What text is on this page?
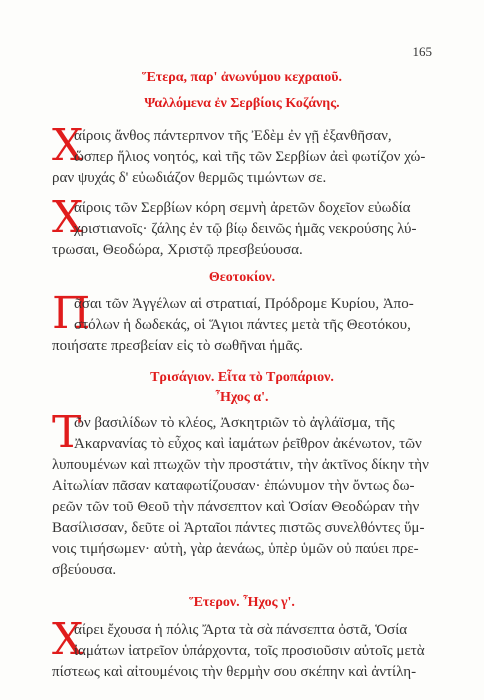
165
Ἕτερα, παρ' ἀνωνύμου κεχραιοῦ.
Ψαλλόμενα ἐν Σερβίοις Κοζάνης.
Χ
αίροις ἄνθος πάντερπνον τῆς Ἐδὲμ ἐν γῇ ἐξανθῆσαν,
ὥσπερ ἥλιος νοητός, καὶ τῆς τῶν Σερβίων ἀεὶ φωτίζον χώ-
ραν ψυχάς δ' εὐωδιάζον θερμῶς τιμώντων σε.
Χ
αίροις τῶν Σερβίων κόρη σεμνὴ ἀρετῶν δοχεῖον εὐωδία
χριστιανοῖς· ζάλης ἐν τῷ βίῳ δεινῶς ἡμᾶς νεκρούσης λύ-
τρωσαι, Θεοδώρα, Χριστῷ πρεσβεύουσα.
Θεοτοκίον.
Π
ᾶσαι τῶν Ἀγγέλων αἱ στρατιαί, Πρόδρομε Κυρίου, Ἀπο-
στόλων ἡ δωδεκάς, οἱ Ἅγιοι πάντες μετὰ τῆς Θεοτόκου,
ποιήσατε πρεσβείαν εἰς τὸ σωθῆναι ἡμᾶς.
Τρισάγιον. Εἶτα τὸ Τροπάριον.
Ἦχος α'.
Τ
ῶν βασιλίδων τὸ κλέος, Ἀσκητριῶν τὸ ἀγλάϊσμα, τῆς
Ἀκαρνανίας τὸ εὖχος καὶ ἰαμάτων ῥεῖθρον ἀκένωτον, τῶν
λυπουμένων καὶ πτωχῶν τὴν προστάτιν, τὴν ἀκτῖνος δίκην τὴν
Αἰτωλίαν πᾶσαν καταφωτίζουσαν· ἐπώνυμον τὴν ὄντως δω-
ρεῶν τῶν τοῦ Θεοῦ τὴν πάνσεπτον καὶ Ὁσίαν Θεοδώραν τὴν
Βασίλισσαν, δεῦτε οἱ Ἀρταῖοι πάντες πιστῶς συνελθόντες ὕμ-
νοις τιμήσωμεν· αὐτὴ, γὰρ ἀενάως, ὑπὲρ ὑμῶν οὐ παύει πρε-
σβεύουσα.
Ἕτερον. Ἦχος γ'.
Χ
αίρει ἔχουσα ἡ πόλις Ἄρτα τὰ σὰ πάνσεπτα ὀστᾶ, Ὁσία
ἰαμάτων ἰατρεῖον ὑπάρχοντα, τοῖς προσιοῦσιν αὐτοῖς μετὰ
πίστεως καὶ αἰτουμένοις τὴν θερμὴν σου σκέπην καὶ ἀντίλη-
